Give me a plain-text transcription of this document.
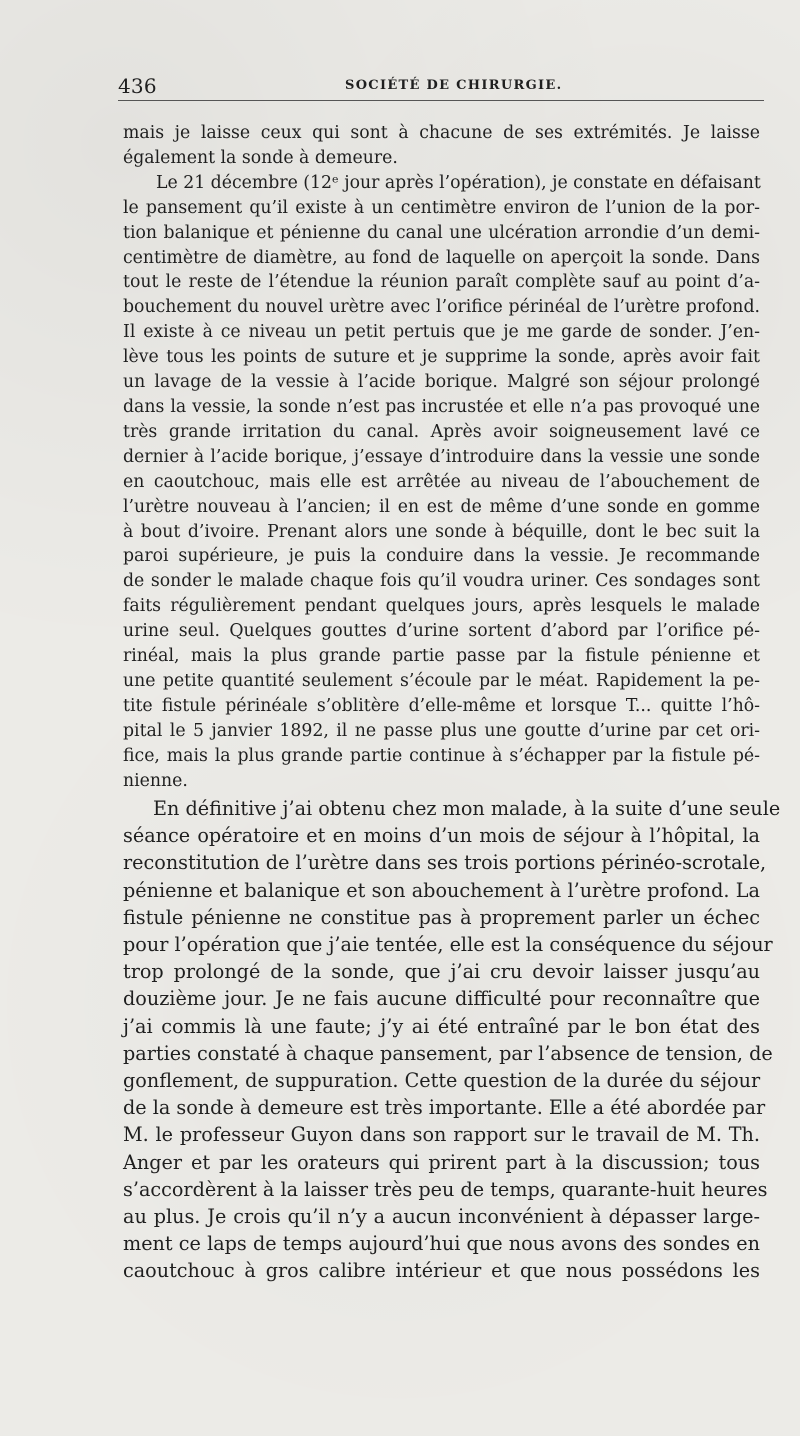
436	SOCIÉTÉ DE CHIRURGIE.
mais je laisse ceux qui sont à chacune de ses extrémités. Je laisse
également la sonde à demeure.
Le 21 décembre (12ᵉ jour après l’opération), je constate en défaisant
le pansement qu’il existe à un centimètre environ de l’union de la por-
tion balanique et pénienne du canal une ulcération arrondie d’un demi-
centimètre de diamètre, au fond de laquelle on aperçoit la sonde. Dans
tout le reste de l’étendue la réunion paraît complète sauf au point d’a-
bouchement du nouvel urètre avec l’orifice périnéal de l’urètre profond.
Il existe à ce niveau un petit pertuis que je me garde de sonder. J’en-
lève tous les points de suture et je supprime la sonde, après avoir fait
un lavage de la vessie à l’acide borique. Malgré son séjour prolongé
dans la vessie, la sonde n’est pas incrustée et elle n’a pas provoqué une
très grande irritation du canal. Après avoir soigneusement lavé ce
dernier à l’acide borique, j’essaye d’introduire dans la vessie une sonde
en caoutchouc, mais elle est arrêtée au niveau de l’abouchement de
l’urètre nouveau à l’ancien; il en est de même d’une sonde en gomme
à bout d’ivoire. Prenant alors une sonde à béquille, dont le bec suit la
paroi supérieure, je puis la conduire dans la vessie. Je recommande
de sonder le malade chaque fois qu’il voudra uriner. Ces sondages sont
faits régulièrement pendant quelques jours, après lesquels le malade
urine seul. Quelques gouttes d’urine sortent d’abord par l’orifice pé-
rinéal, mais la plus grande partie passe par la fistule pénienne et
une petite quantité seulement s’écoule par le méat. Rapidement la pe-
tite fistule périnéale s’oblitère d’elle-même et lorsque T... quitte l’hô-
pital le 5 janvier 1892, il ne passe plus une goutte d’urine par cet ori-
fice, mais la plus grande partie continue à s’échapper par la fistule pé-
nienne.
En définitive j’ai obtenu chez mon malade, à la suite d’une seule
séance opératoire et en moins d’un mois de séjour à l’hôpital, la
reconstitution de l’urètre dans ses trois portions périnéo-scrotale,
pénienne et balanique et son abouchement à l’urètre profond. La
fistule pénienne ne constitue pas à proprement parler un échec
pour l’opération que j’aie tentée, elle est la conséquence du séjour
trop prolongé de la sonde, que j’ai cru devoir laisser jusqu’au
douzième jour. Je ne fais aucune difficulté pour reconnaître que
j’ai commis là une faute; j’y ai été entraîné par le bon état des
parties constaté à chaque pansement, par l’absence de tension, de
gonflement, de suppuration. Cette question de la durée du séjour
de la sonde à demeure est très importante. Elle a été abordée par
M. le professeur Guyon dans son rapport sur le travail de M. Th.
Anger et par les orateurs qui prirent part à la discussion; tous
s’accordèrent à la laisser très peu de temps, quarante-huit heures
au plus. Je crois qu’il n’y a aucun inconvénient à dépasser large-
ment ce laps de temps aujourd’hui que nous avons des sondes en
caoutchouc à gros calibre intérieur et que nous possédons les
